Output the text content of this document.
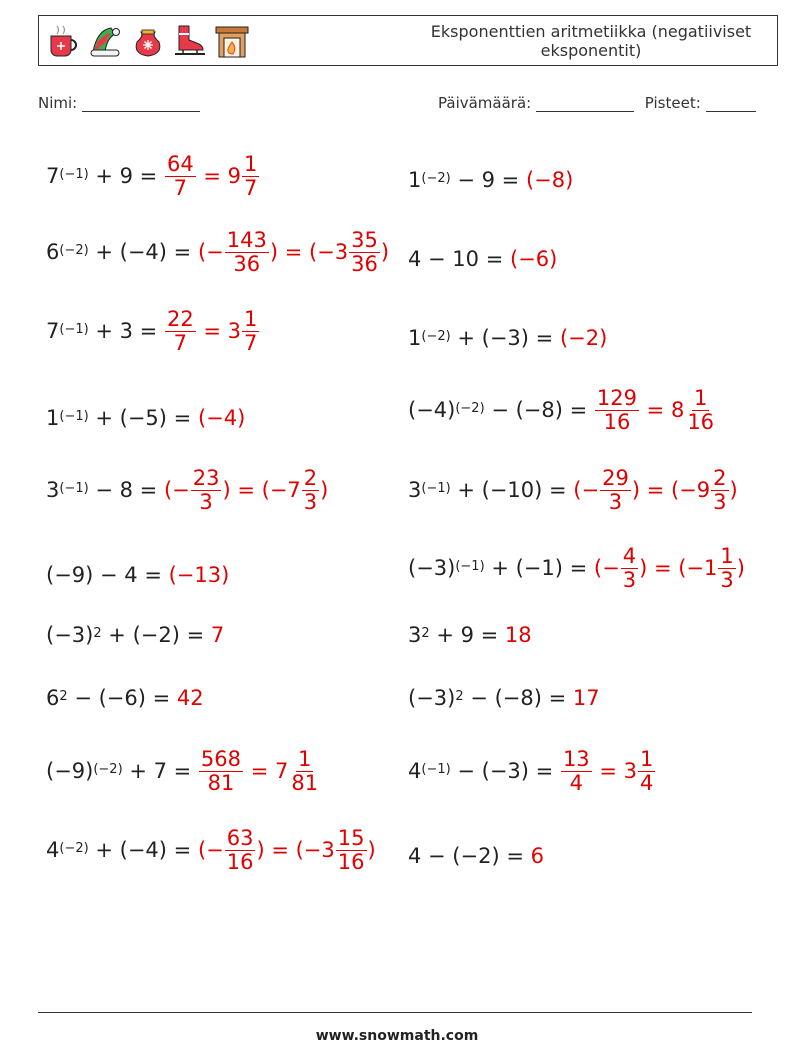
Eksponenttien aritmetiikka (negatiiviset eksponentit)
Nimi:	Päivämäärä:	Pisteet:
$7^{(-1)} + 9 = \frac{64}{7} = 9 \frac{1}{7}$
$6^{(-2)} + (-4)$ = (− $\frac{143}{36}$ ) = ($-3 \frac{35}{36}$ )
$7^{(-1)} + 3 = \frac{22}{7} = 3 \frac{1}{7}$
$1^{(-1)} + (-5) = (-4)$
$3^{(-1)} - 8$ = (− $\frac{23}{3}$ ) = ($-7 \frac{2}{3}$ )
(−9) − 4 = (−13)
$(-3)^2 + (-2) = 7$
$6^2 - (-6) = 42$
$(-9)^{(-2)} + 7 = \frac{568}{81} = 7 \frac{1}{81}$
$4^{(-2)} + (-4)$ = (− $\frac{63}{16}$ ) = ($-3 \frac{15}{16}$ )
$1^{(-2)} - 9 = (-8)$
4 − 10 = (−6)
$1^{(-2)} + (-3) = (-2)$
$(-4)^{(-2)} - (-8) = \frac{129}{16} = 8 \frac{1}{16}$
$3^{(-1)} + (-10)$ = (− $\frac{29}{3}$ ) = ($-9 \frac{2}{3}$ )
$(-3)^{(-1)} + (-1)$ = (− $\frac{4}{3}$ ) = ($-1 \frac{1}{3}$ )
$3^2 + 9 = 18$
$(-3)^2 - (-8) = 17$
$4^{(-1)} - (-3) = \frac{13}{4} = 3 \frac{1}{4}$
4 − (−2) = 6
www.snowmath.com
